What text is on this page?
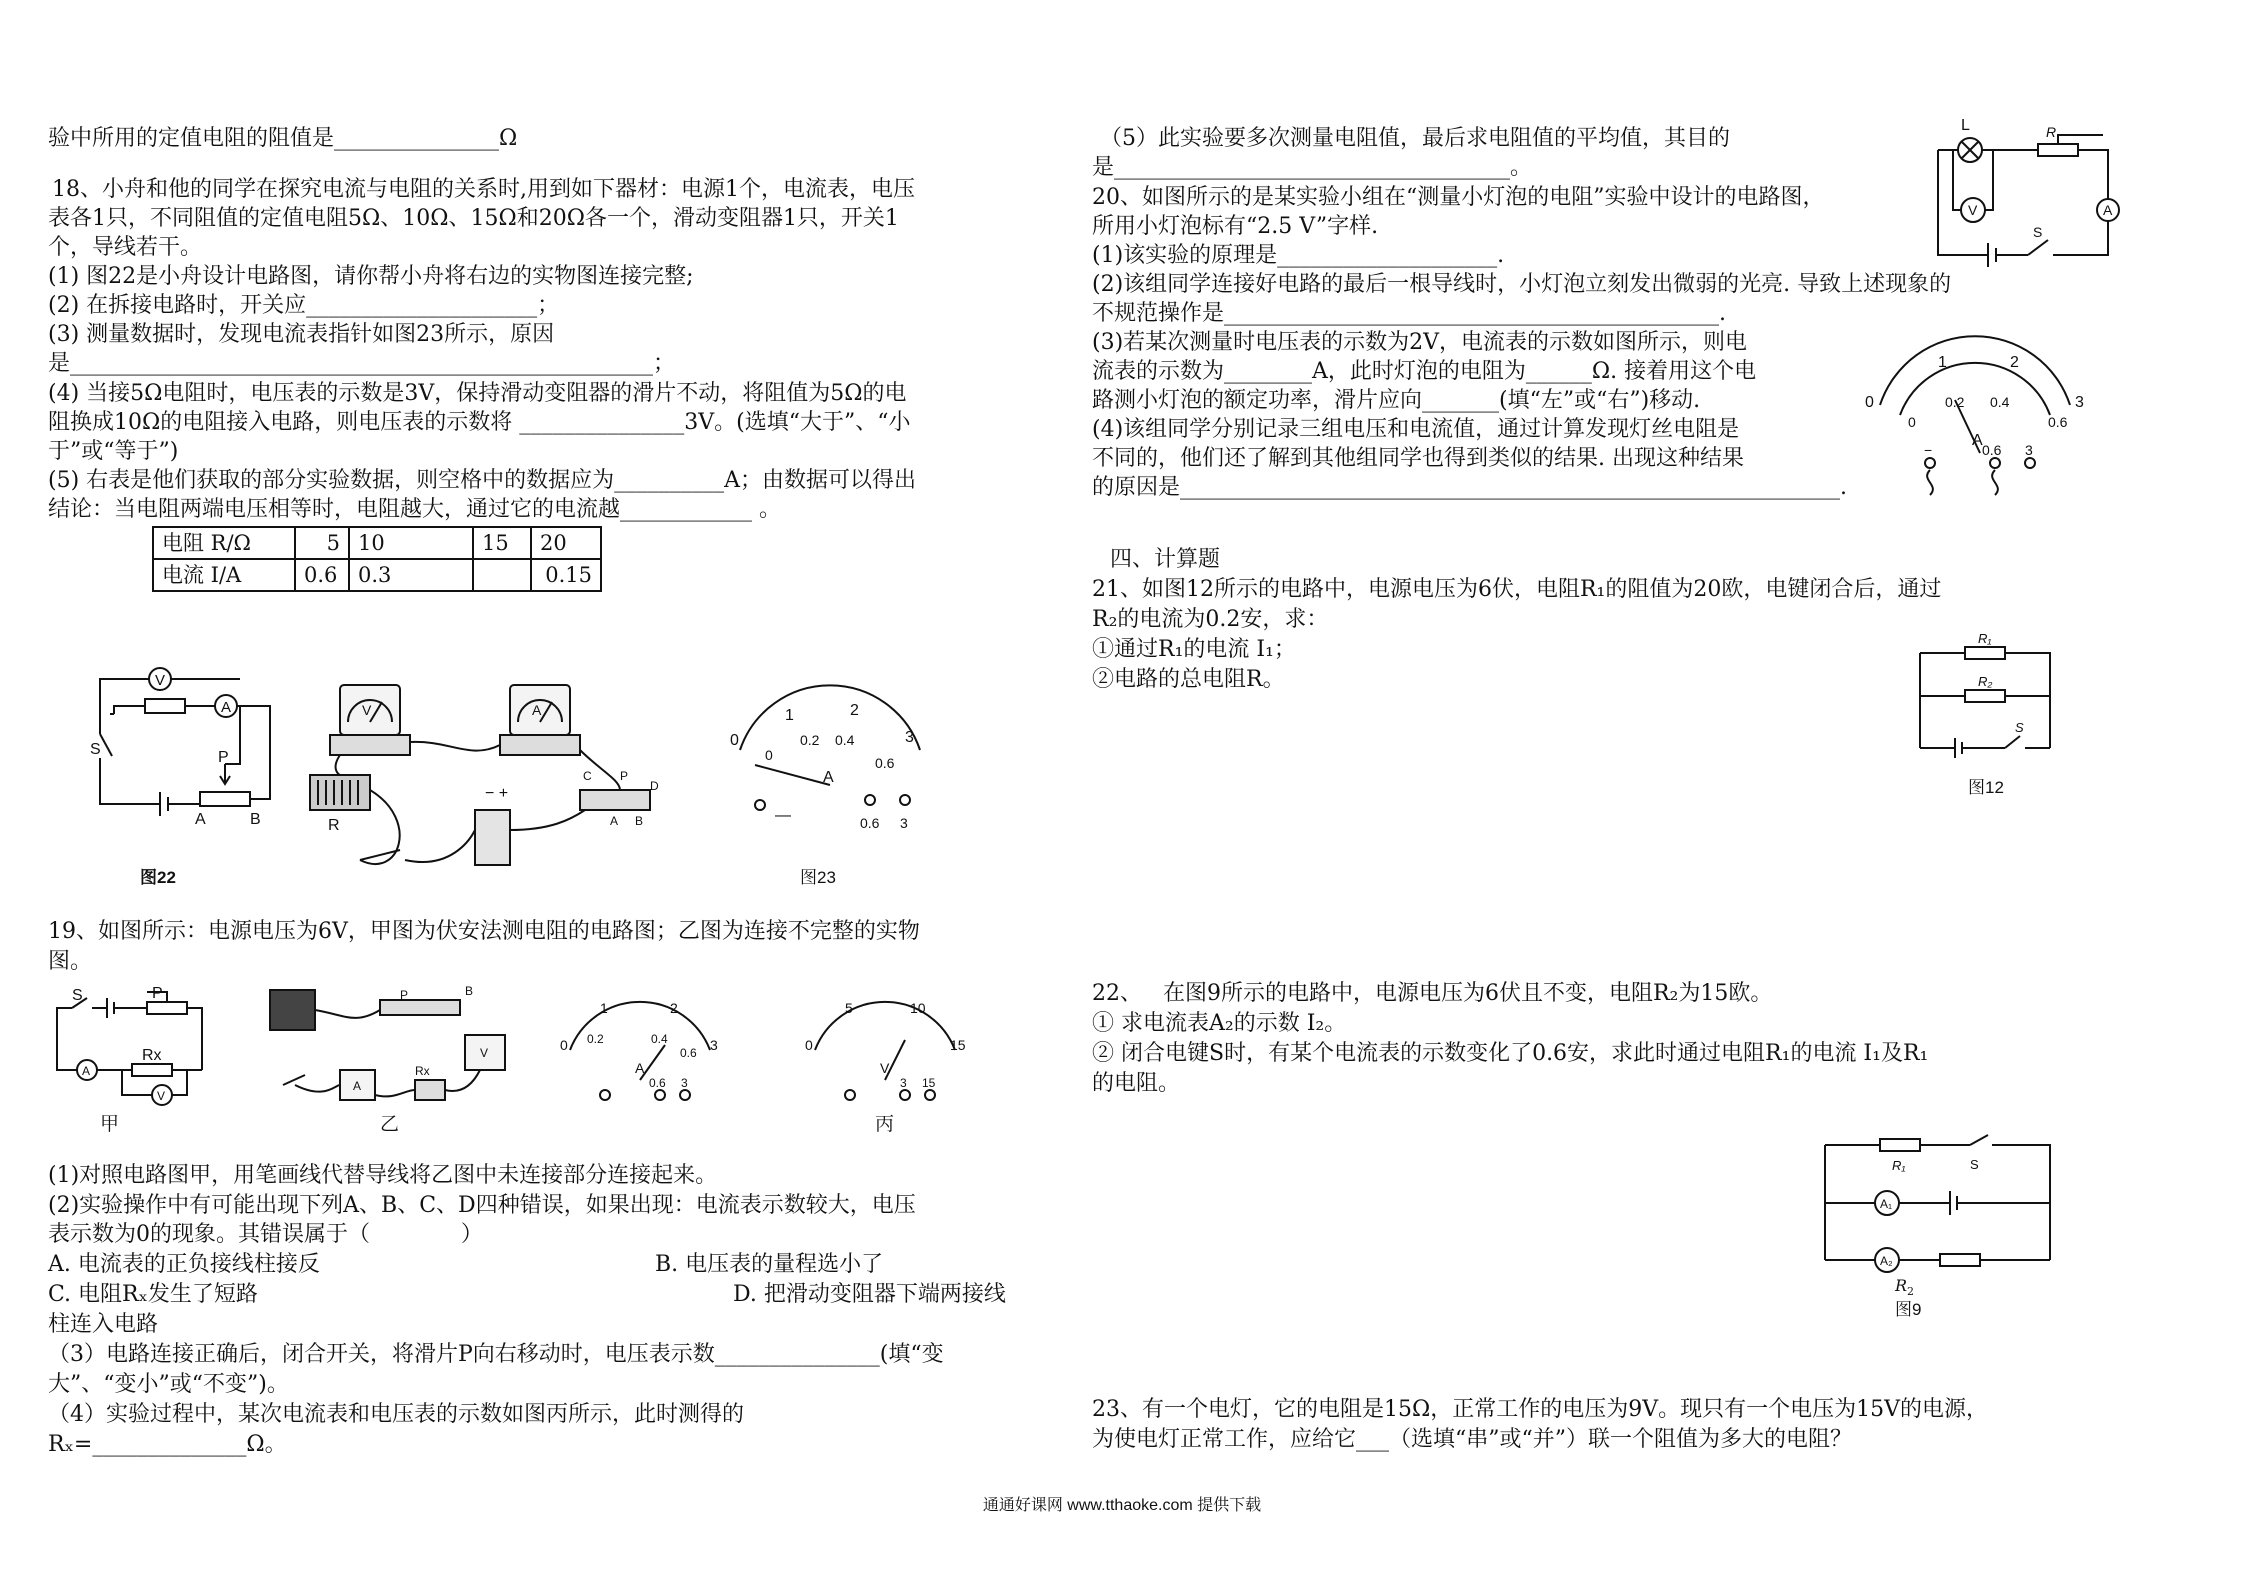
验中所用的定值电阻的阻值是_______________Ω
18、小舟和他的同学在探究电流与电阻的关系时,用到如下器材：电源1个，电流表，电压
表各1只，不同阻值的定值电阻5Ω、10Ω、15Ω和20Ω各一个，滑动变阻器1只，开关1
个，导线若干。
(1) 图22是小舟设计电路图，请你帮小舟将右边的实物图连接完整;
(2) 在拆接电路时，开关应_____________________；
(3) 测量数据时，发现电流表指针如图23所示，原因
是_____________________________________________________；
(4) 当接5Ω电阻时，电压表的示数是3V，保持滑动变阻器的滑片不动，将阻值为5Ω的电
阻换成10Ω的电阻接入电路，则电压表的示数将 _______________3V。(选填“大于”、“小
于”或“等于”)
(5) 右表是他们获取的部分实验数据，则空格中的数据应为__________A；由数据可以得出
结论：当电阻两端电压相等时，电阻越大，通过它的电流越____________ 。
电阻 R/Ω	5	10	15	20
电流 I/A	0.6	0.3		0.15
V
A
S	P
A	B
图22
V	A
− +
R
C P
D
A B
0
1	2
3
0
0.2 0.4
0.6
A
—	0.6 3
图23
19、如图所示：电源电压为6V，甲图为伏安法测电阻的电路图；乙图为连接不完整的实物
图。
S	P
A
Rx
V
P	B
Rx
V
A
0
1	2
3
0.2	0.4
0.6
A
0.6 3
0
5	10
15
V
3 15
甲	乙	丙
(1)对照电路图甲，用笔画线代替导线将乙图中未连接部分连接起来。
(2)实验操作中有可能出现下列A、B、C、D四种错误，如果出现：电流表示数较大，电压
表示数为0的现象。其错误属于（             ）
A. 电流表的正负接线柱接反	B. 电压表的量程选小了
C. 电阻Rₓ发生了短路	D. 把滑动变阻器下端两接线
柱连入电路
（3）电路连接正确后，闭合开关，将滑片P向右移动时，电压表示数_______________(填“变
大”、“变小”或“不变”)。
（4）实验过程中，某次电流表和电压表的示数如图丙所示，此时测得的
Rₓ=______________Ω。
（5）此实验要多次测量电阻值，最后求电阻值的平均值，其目的
是____________________________________。
20、如图所示的是某实验小组在“测量小灯泡的电阻”实验中设计的电路图，
所用小灯泡标有“2.5 V”字样.
L	R
V	A
S
(1)该实验的原理是____________________.
(2)该组同学连接好电路的最后一根导线时，小灯泡立刻发出微弱的光亮. 导致上述现象的
不规范操作是_____________________________________________.
(3)若某次测量时电压表的示数为2V，电流表的示数如图所示，则电
流表的示数为________A，此时灯泡的电阻为______Ω. 接着用这个电
路测小灯泡的额定功率，滑片应向_______(填“左”或“右”)移动.
(4)该组同学分别记录三组电压和电流值，通过计算发现灯丝电阻是
不同的，他们还了解到其他组同学也得到类似的结果. 出现这种结果
的原因是____________________________________________________________.
0
1	2
3
0
0.2 0.4
0.6
A
−	0.6 3
四、计算题
21、如图12所示的电路中，电源电压为6伏，电阻R₁的阻值为20欧，电键闭合后，通过
R₂的电流为0.2安，求：
①通过R₁的电流 I₁；
②电路的总电阻R。
R₁
R₂
S
图12
22、   在图9所示的电路中，电源电压为6伏且不变，电阻R₂为15欧。
① 求电流表A₂的示数 I₂。
② 闭合电键S时，有某个电流表的示数变化了0.6安，求此时通过电阻R₁的电流 I₁及R₁
的电阻。
R₁	S
A₁
A₂
$R_2$
图9
23、有一个电灯，它的电阻是15Ω，正常工作的电压为9V。现只有一个电压为15V的电源，
为使电灯正常工作，应给它___（选填“串”或“并”）联一个阻值为多大的电阻？
通通好课网 www.tthaoke.com 提供下载
